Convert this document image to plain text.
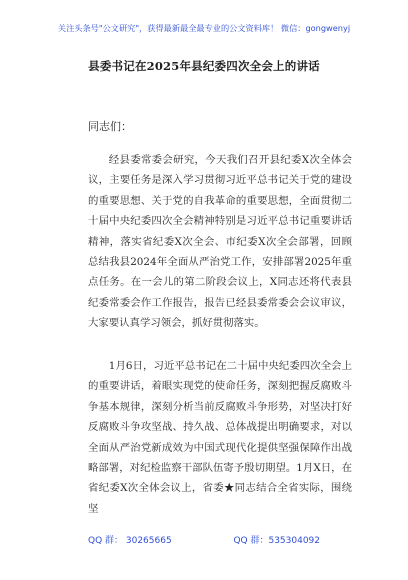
关注头条号"公文研究"，获得最新最全最专业的公文资料库！ 微信：gongwenyj
县委书记在2025年县纪委四次全会上的讲话
同志们：

经县委常委会研究，今天我们召开县纪委X次全体会议，主要任务是深入学习贯彻习近平总书记关于党的建设的重要思想、关于党的自我革命的重要思想，全面贯彻二十届中央纪委四次全会精神特别是习近平总书记重要讲话精神，落实省纪委X次全会、市纪委X次全会部署，回顾总结我县2024年全面从严治党工作，安排部署2025年重点任务。在一会儿的第二阶段会议上，X同志还将代表县纪委常委会作工作报告，报告已经县委常委会会议审议，大家要认真学习领会，抓好贯彻落实。

1月6日，习近平总书记在二十届中央纪委四次全会上的重要讲话，着眼实现党的使命任务，深刻把握反腐败斗争基本规律，深刻分析当前反腐败斗争形势，对坚决打好反腐败斗争攻坚战、持久战、总体战提出明确要求，对以全面从严治党新成效为中国式现代化提供坚强保障作出战略部署，对纪检监察干部队伍寄予殷切期望。1月X日，在省纪委X次全体会议上，省委★同志结合全省实际，围绕坚

QQ 群： 30265665	QQ 群：535304092
